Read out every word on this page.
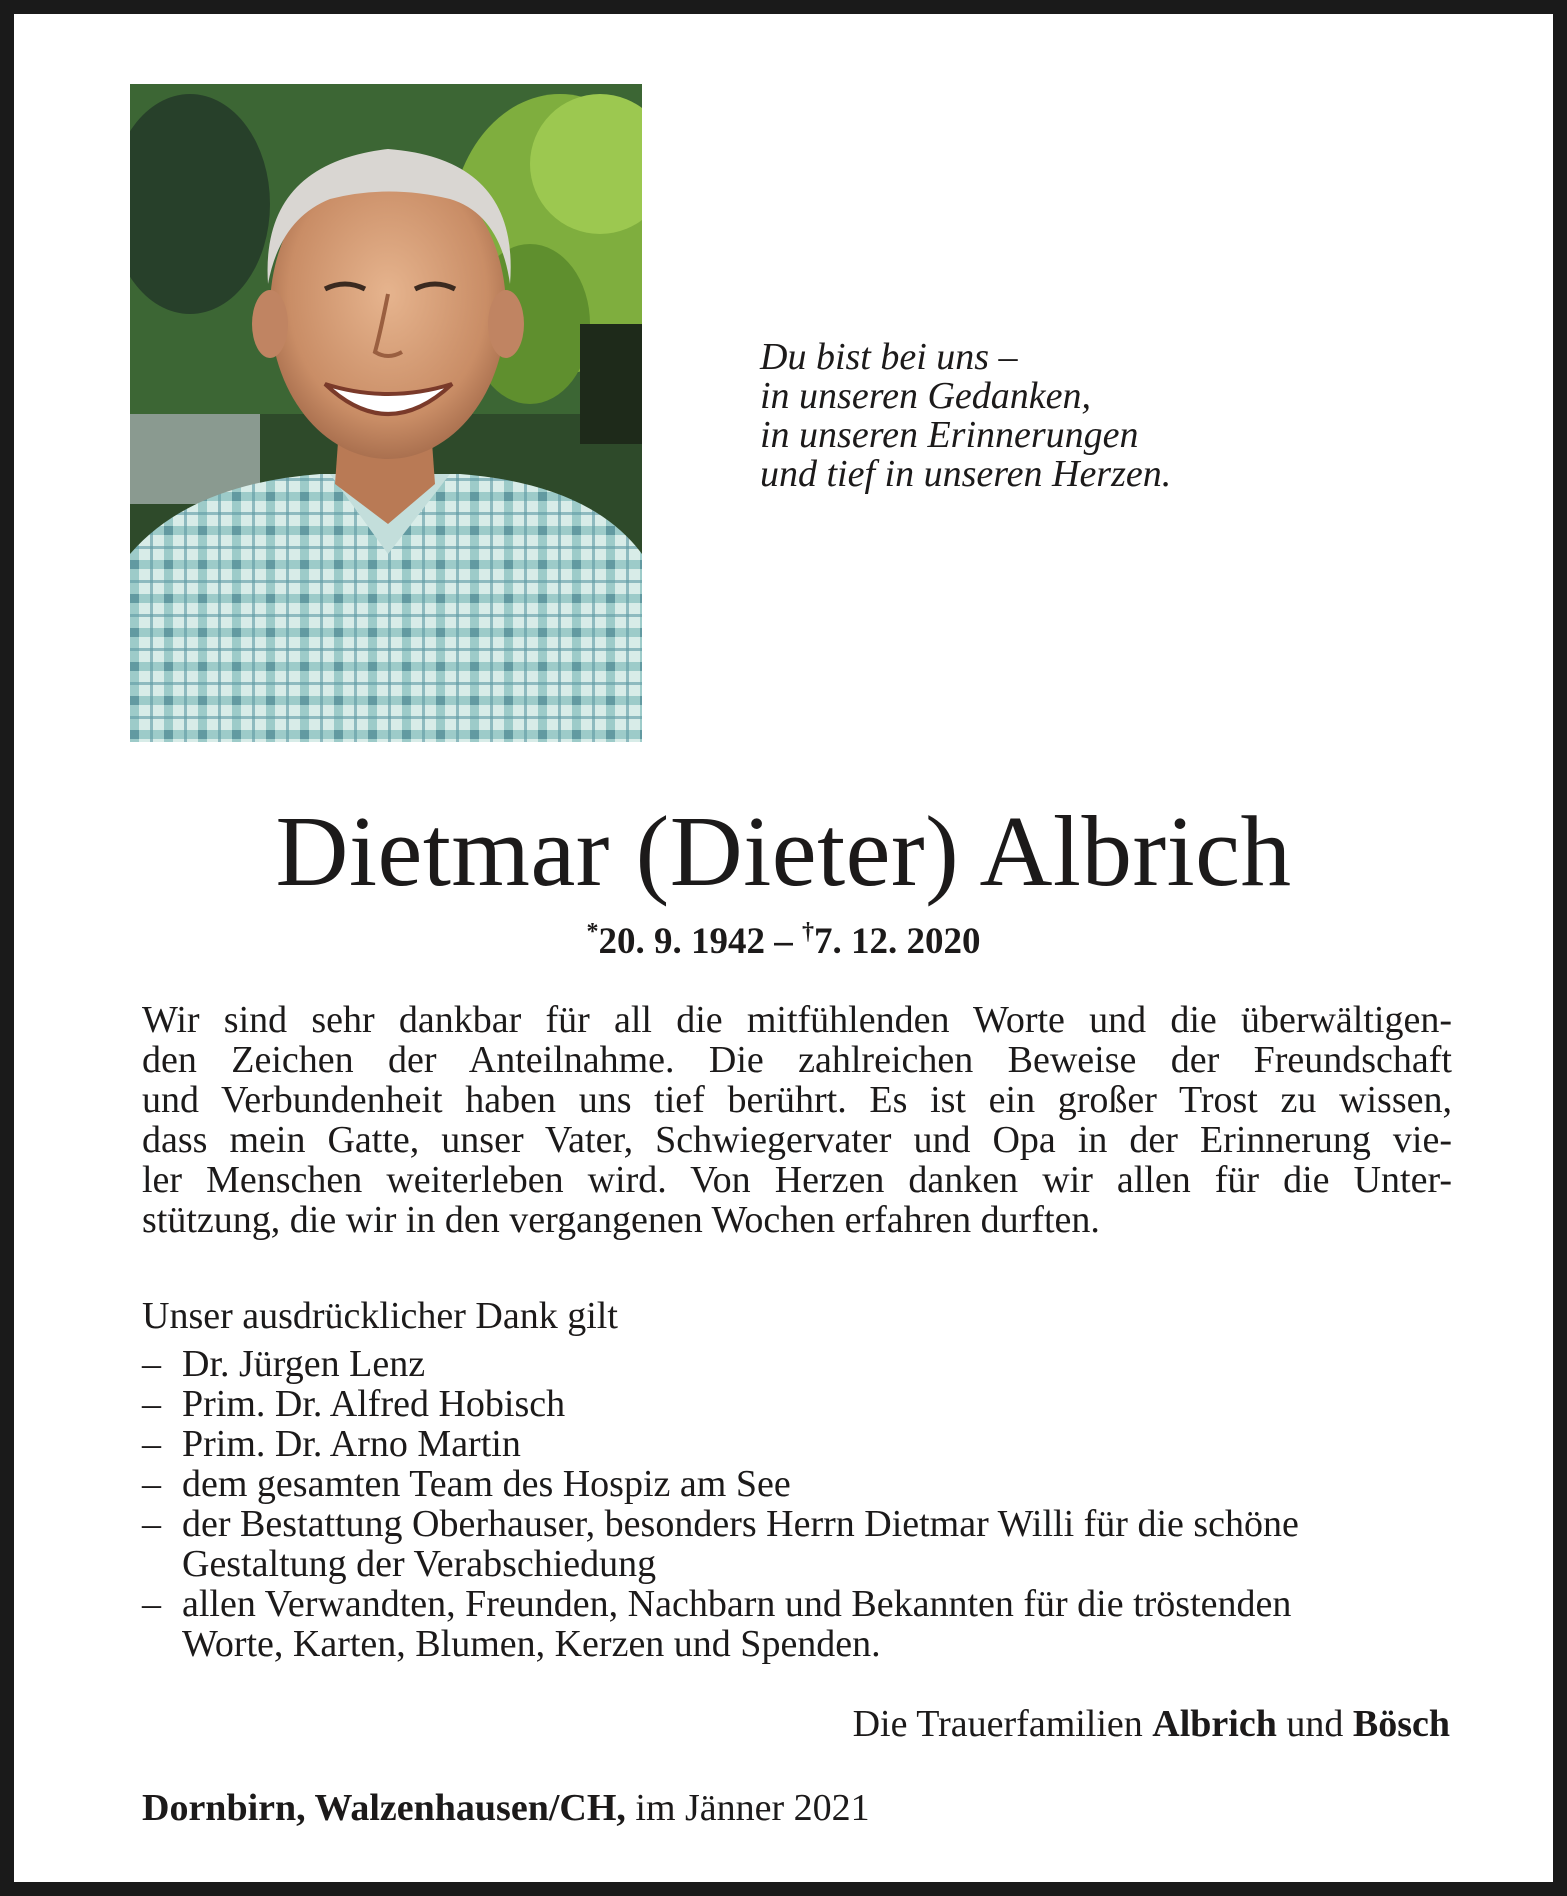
Du bist bei uns –
in unseren Gedanken,
in unseren Erinnerungen
und tief in unseren Herzen.
Dietmar (Dieter) Albrich
*20. 9. 1942 – †7. 12. 2020
Wir sind sehr dankbar für all die mitfühlenden Worte und die überwältigen-
den Zeichen der Anteilnahme. Die zahlreichen Beweise der Freundschaft
und Verbundenheit haben uns tief berührt. Es ist ein großer Trost zu wissen,
dass mein Gatte, unser Vater, Schwiegervater und Opa in der Erinnerung vie-
ler Menschen weiterleben wird. Von Herzen danken wir allen für die Unter-
stützung, die wir in den vergangenen Wochen erfahren durften.
Unser ausdrücklicher Dank gilt
– Dr. Jürgen Lenz
– Prim. Dr. Alfred Hobisch
– Prim. Dr. Arno Martin
– dem gesamten Team des Hospiz am See
– der Bestattung Oberhauser, besonders Herrn Dietmar Willi für die schöne
Gestaltung der Verabschiedung
– allen Verwandten, Freunden, Nachbarn und Bekannten für die tröstenden
Worte, Karten, Blumen, Kerzen und Spenden.
Die Trauerfamilien Albrich und Bösch
Dornbirn, Walzenhausen/CH, im Jänner 2021
